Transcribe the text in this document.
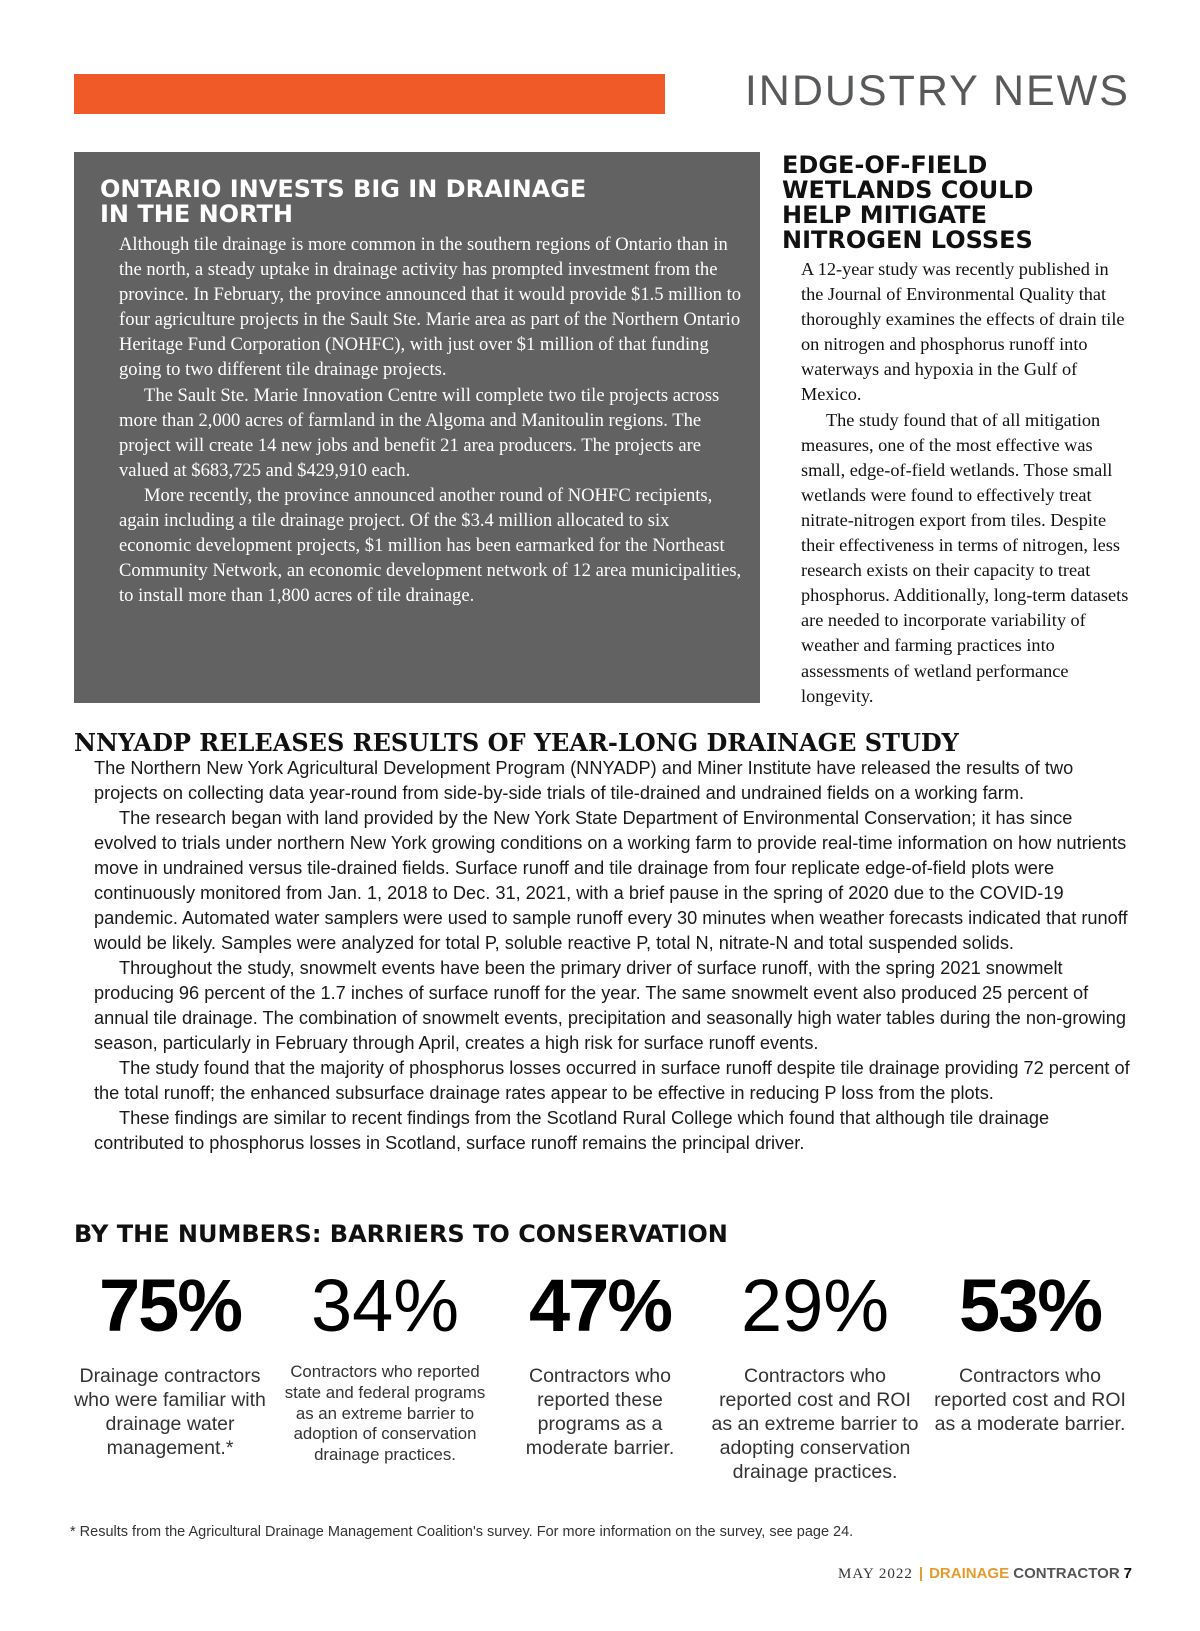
INDUSTRY NEWS
ONTARIO INVESTS BIG IN DRAINAGE
IN THE NORTH

Although tile drainage is more common in the southern regions of Ontario than in the north, a steady uptake in drainage activity has prompted investment from the province. In February, the province announced that it would provide $1.5 million to four agriculture projects in the Sault Ste. Marie area as part of the Northern Ontario Heritage Fund Corporation (NOHFC), with just over $1 million of that funding going to two different tile drainage projects.

The Sault Ste. Marie Innovation Centre will complete two tile projects across more than 2,000 acres of farmland in the Algoma and Manitoulin regions. The project will create 14 new jobs and benefit 21 area producers. The projects are valued at $683,725 and $429,910 each.

More recently, the province announced another round of NOHFC recipients, again including a tile drainage project. Of the $3.4 million allocated to six economic development projects, $1 million has been earmarked for the Northeast Community Network, an economic development network of 12 area municipalities, to install more than 1,800 acres of tile drainage.

EDGE-OF-FIELD
WETLANDS COULD
HELP MITIGATE
NITROGEN LOSSES

A 12-year study was recently published in the Journal of Environmental Quality that thoroughly examines the effects of drain tile on nitrogen and phosphorus runoff into waterways and hypoxia in the Gulf of Mexico.

The study found that of all mitigation measures, one of the most effective was small, edge-of-field wetlands. Those small wetlands were found to effectively treat nitrate-nitrogen export from tiles. Despite their effectiveness in terms of nitrogen, less research exists on their capacity to treat phosphorus. Additionally, long-term datasets are needed to incorporate variability of weather and farming practices into assessments of wetland performance longevity.

NNYADP RELEASES RESULTS OF YEAR-LONG DRAINAGE STUDY

The Northern New York Agricultural Development Program (NNYADP) and Miner Institute have released the results of two projects on collecting data year-round from side-by-side trials of tile-drained and undrained fields on a working farm.

The research began with land provided by the New York State Department of Environmental Conservation; it has since evolved to trials under northern New York growing conditions on a working farm to provide real-time information on how nutrients move in undrained versus tile-drained fields. Surface runoff and tile drainage from four replicate edge-of-field plots were continuously monitored from Jan. 1, 2018 to Dec. 31, 2021, with a brief pause in the spring of 2020 due to the COVID-19 pandemic. Automated water samplers were used to sample runoff every 30 minutes when weather forecasts indicated that runoff would be likely. Samples were analyzed for total P, soluble reactive P, total N, nitrate-N and total suspended solids.

Throughout the study, snowmelt events have been the primary driver of surface runoff, with the spring 2021 snowmelt producing 96 percent of the 1.7 inches of surface runoff for the year. The same snowmelt event also produced 25 percent of annual tile drainage. The combination of snowmelt events, precipitation and seasonally high water tables during the non-growing season, particularly in February through April, creates a high risk for surface runoff events.

The study found that the majority of phosphorus losses occurred in surface runoff despite tile drainage providing 72 percent of the total runoff; the enhanced subsurface drainage rates appear to be effective in reducing P loss from the plots.

These findings are similar to recent findings from the Scotland Rural College which found that although tile drainage contributed to phosphorus losses in Scotland, surface runoff remains the principal driver.

BY THE NUMBERS: BARRIERS TO CONSERVATION
75%
Drainage contractors who were familiar with drainage water management.*
34%
Contractors who reported state and federal programs as an extreme barrier to adoption of conservation drainage practices.
47%
Contractors who reported these programs as a moderate barrier.
29%
Contractors who reported cost and ROI as an extreme barrier to adopting conservation drainage practices.
53%
Contractors who reported cost and ROI as a moderate barrier.
* Results from the Agricultural Drainage Management Coalition's survey. For more information on the survey, see page 24.
MAY 2022 | DRAINAGE CONTRACTOR 7
